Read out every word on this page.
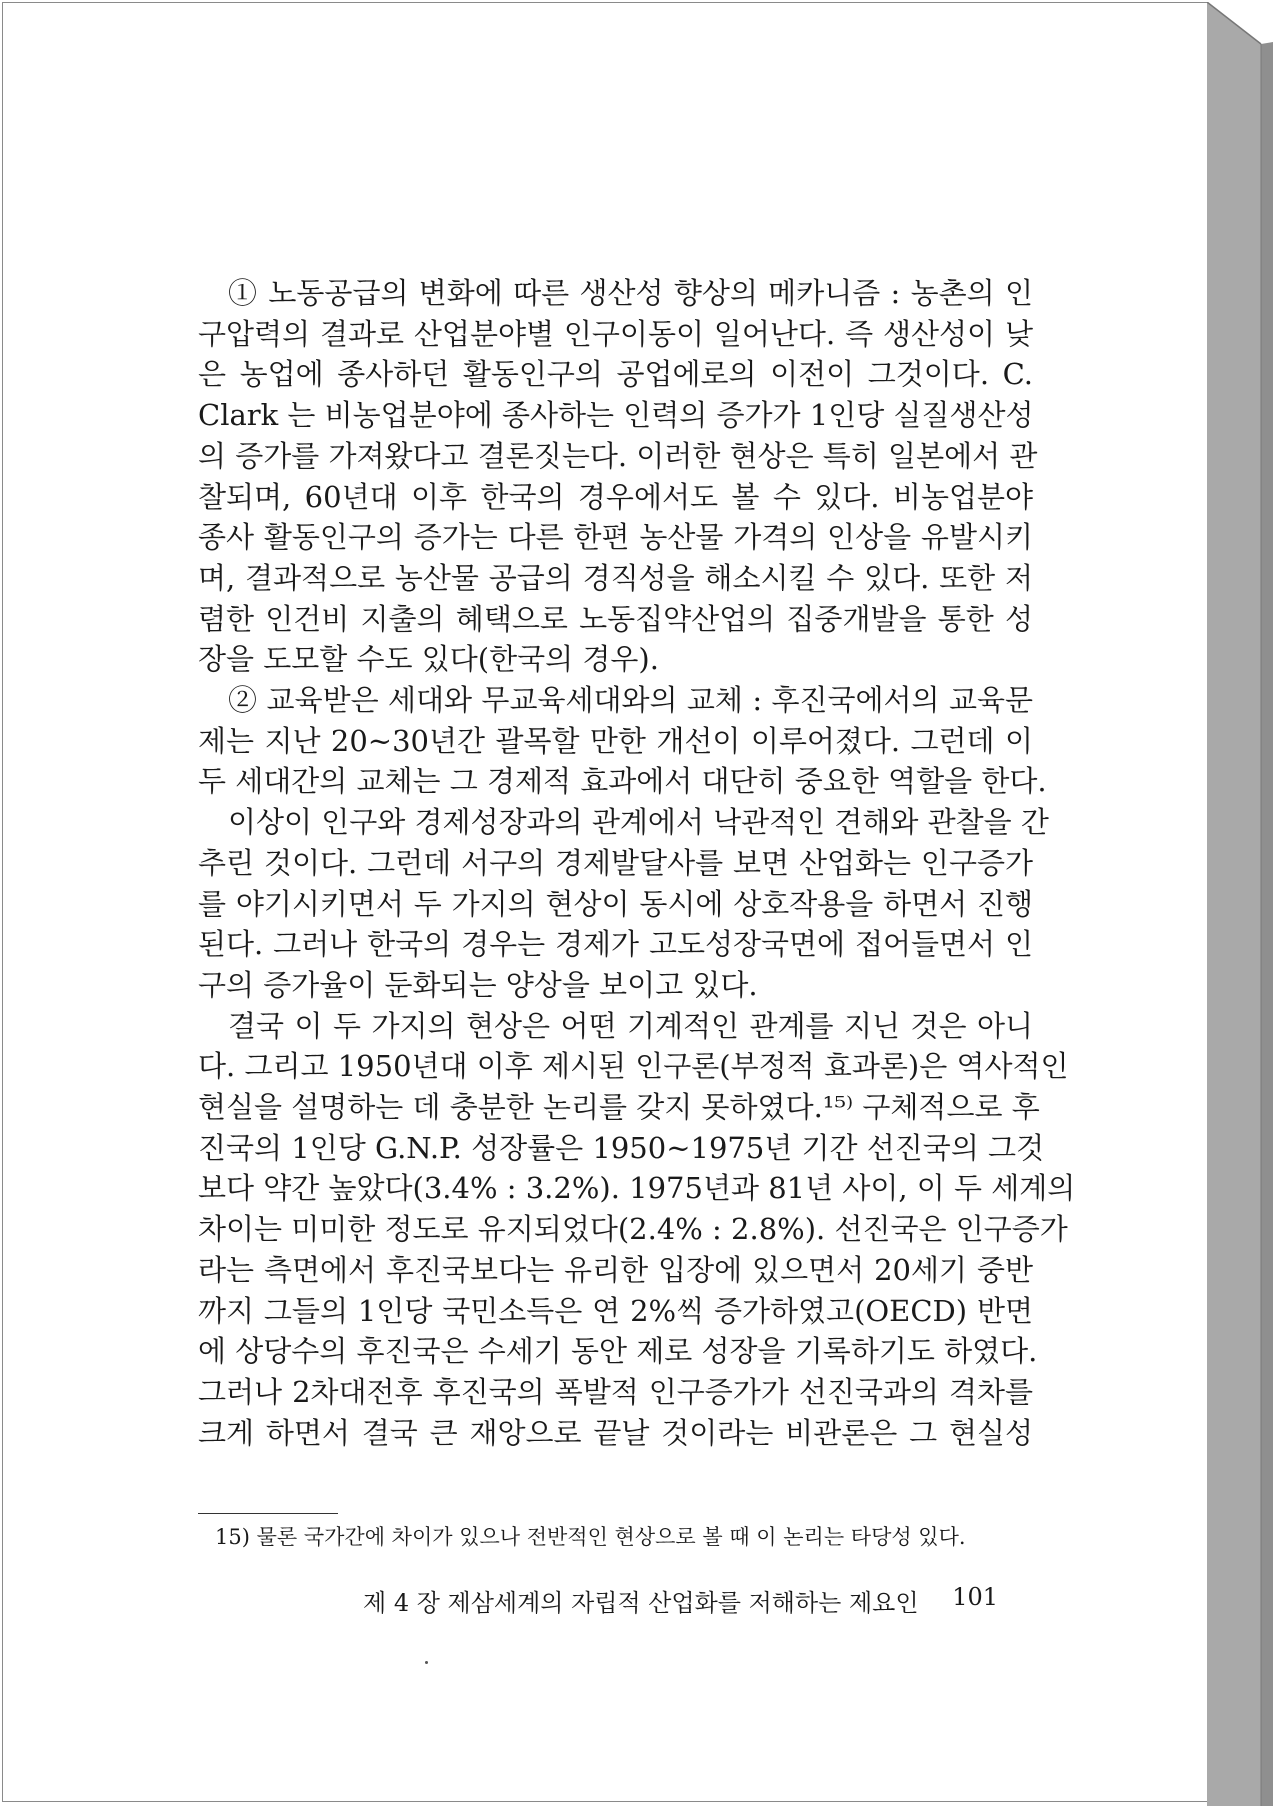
① 노동공급의 변화에 따른 생산성 향상의 메카니즘 : 농촌의 인

구압력의 결과로 산업분야별 인구이동이 일어난다. 즉 생산성이 낮

은 농업에 종사하던 활동인구의 공업에로의 이전이 그것이다. C.

Clark 는 비농업분야에 종사하는 인력의 증가가 1인당 실질생산성

의 증가를 가져왔다고 결론짓는다. 이러한 현상은 특히 일본에서 관

찰되며, 60년대 이후 한국의 경우에서도 볼 수 있다. 비농업분야

종사 활동인구의 증가는 다른 한편 농산물 가격의 인상을 유발시키

며, 결과적으로 농산물 공급의 경직성을 해소시킬 수 있다. 또한 저

렴한 인건비 지출의 혜택으로 노동집약산업의 집중개발을 통한 성

장을 도모할 수도 있다(한국의 경우).

② 교육받은 세대와 무교육세대와의 교체 : 후진국에서의 교육문

제는 지난 20~30년간 괄목할 만한 개선이 이루어졌다. 그런데 이

두 세대간의 교체는 그 경제적 효과에서 대단히 중요한 역할을 한다.

이상이 인구와 경제성장과의 관계에서 낙관적인 견해와 관찰을 간

추린 것이다. 그런데 서구의 경제발달사를 보면 산업화는 인구증가

를 야기시키면서 두 가지의 현상이 동시에 상호작용을 하면서 진행

된다. 그러나 한국의 경우는 경제가 고도성장국면에 접어들면서 인

구의 증가율이 둔화되는 양상을 보이고 있다.

결국 이 두 가지의 현상은 어떤 기계적인 관계를 지닌 것은 아니

다. 그리고 1950년대 이후 제시된 인구론(부정적 효과론)은 역사적인

현실을 설명하는 데 충분한 논리를 갖지 못하였다.¹⁵⁾ 구체적으로 후

진국의 1인당 G.N.P. 성장률은 1950~1975년 기간 선진국의 그것

보다 약간 높았다(3.4% : 3.2%). 1975년과 81년 사이, 이 두 세계의

차이는 미미한 정도로 유지되었다(2.4% : 2.8%). 선진국은 인구증가

라는 측면에서 후진국보다는 유리한 입장에 있으면서 20세기 중반

까지 그들의 1인당 국민소득은 연 2%씩 증가하였고(OECD) 반면

에 상당수의 후진국은 수세기 동안 제로 성장을 기록하기도 하였다.

그러나 2차대전후 후진국의 폭발적 인구증가가 선진국과의 격차를

크게 하면서 결국 큰 재앙으로 끝날 것이라는 비관론은 그 현실성

15) 물론 국가간에 차이가 있으나 전반적인 현상으로 볼 때 이 논리는 타당성 있다.
제 4 장 제삼세계의 자립적 산업화를 저해하는 제요인 101
